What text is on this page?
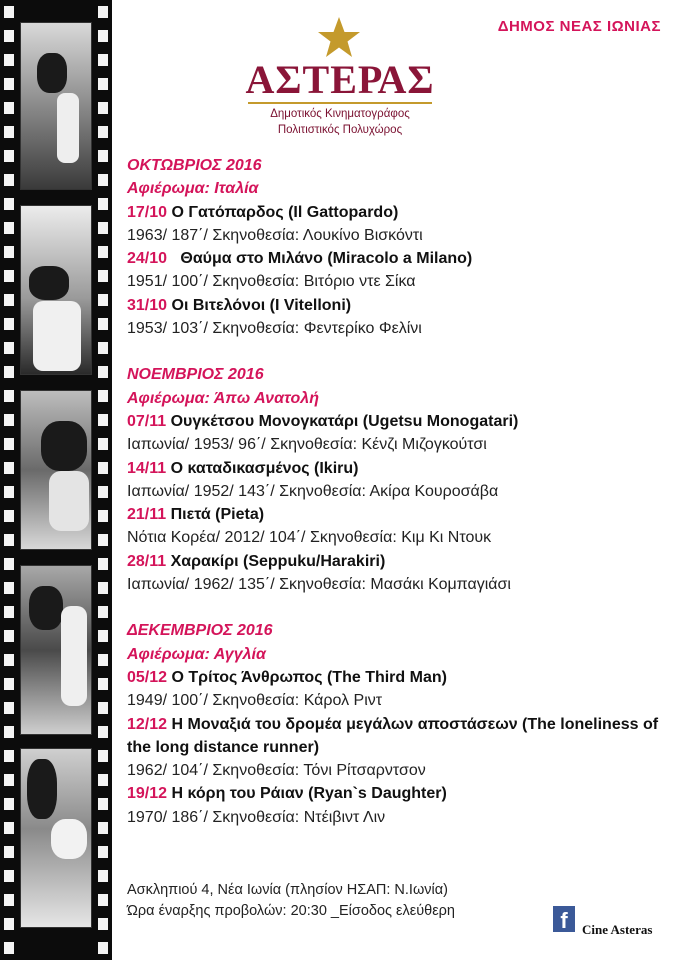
ΔΗΜΟΣ ΝΕΑΣ ΙΩΝΙΑΣ
ΑΣΤΕΡΑΣ
Δημοτικός Κινηματογράφος
Πολιτιστικός Πολυχώρος
ΟΚΤΩΒΡΙΟΣ 2016
Αφιέρωμα: Ιταλία
17/10 Ο Γατόπαρδος (Il Gattopardo)
1963/ 187΄/ Σκηνοθεσία: Λουκίνο Βισκόντι
24/10 Θαύμα στο Μιλάνο (Miracolo a Milano)
1951/ 100΄/ Σκηνοθεσία: Βιτόριο ντε Σίκα
31/10 Οι Βιτελόνοι (I Vitelloni)
1953/ 103΄/ Σκηνοθεσία: Φεντερίκο Φελίνι
ΝΟΕΜΒΡΙΟΣ 2016
Αφιέρωμα: Άπω Ανατολή
07/11 Ουγκέτσου Μονογκατάρι (Ugetsu Monogatari)
Ιαπωνία/ 1953/ 96΄/ Σκηνοθεσία: Κένζι Μιζογκούτσι
14/11 Ο καταδικασμένος (Ikiru)
Ιαπωνία/ 1952/ 143΄/ Σκηνοθεσία: Ακίρα Κουροσάβα
21/11 Πιετά (Pieta)
Νότια Κορέα/ 2012/ 104΄/ Σκηνοθεσία: Κιμ Κι Ντουκ
28/11 Χαρακίρι (Seppuku/Harakiri)
Ιαπωνία/ 1962/ 135΄/ Σκηνοθεσία: Μασάκι Κομπαγιάσι
ΔΕΚΕΜΒΡΙΟΣ 2016
Αφιέρωμα: Αγγλία
05/12 Ο Τρίτος Άνθρωπος (The Third Man)
1949/ 100΄/ Σκηνοθεσία: Κάρολ Ριντ
12/12 Η Μοναξιά του δρομέα μεγάλων αποστάσεων (The loneliness of the long distance runner)
1962/ 104΄/ Σκηνοθεσία: Τόνι Ρίτσαρντσον
19/12 Η κόρη του Ράιαν (Ryan`s Daughter)
1970/ 186΄/ Σκηνοθεσία: Ντέιβιντ Λιν
Ασκληπιού 4, Νέα Ιωνία (πλησίον ΗΣΑΠ: Ν.Ιωνία)
Ώρα έναρξης προβολών: 20:30 _Είσοδος ελεύθερη	f	Cine Asteras
